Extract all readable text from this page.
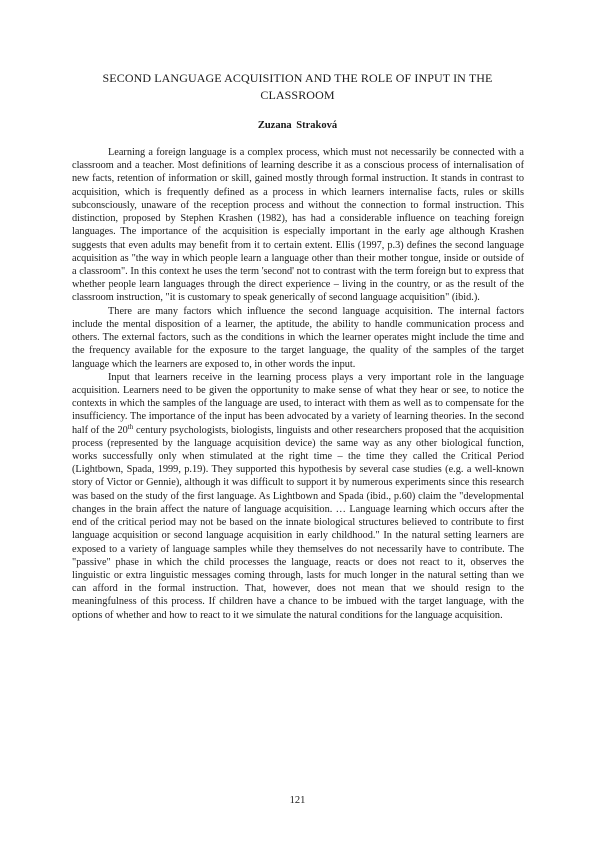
SECOND LANGUAGE ACQUISITION AND THE ROLE OF INPUT IN THE CLASSROOM
Zuzana Straková

Learning a foreign language is a complex process, which must not necessarily be connected with a classroom and a teacher. Most definitions of learning describe it as a conscious process of internalisation of new facts, retention of information or skill, gained mostly through formal instruction. It stands in contrast to acquisition, which is frequently defined as a process in which learners internalise facts, rules or skills subconsciously, unaware of the reception process and without the connection to formal instruction. This distinction, proposed by Stephen Krashen (1982), has had a considerable influence on teaching foreign languages. The importance of the acquisition is especially important in the early age although Krashen suggests that even adults may benefit from it to certain extent. Ellis (1997, p.3) defines the second language acquisition as "the way in which people learn a language other than their mother tongue, inside or outside of a classroom". In this context he uses the term 'second' not to contrast with the term foreign but to express that whether people learn languages through the direct experience – living in the country, or as the result of the classroom instruction, "it is customary to speak generically of second language acquisition" (ibid.).

There are many factors which influence the second language acquisition. The internal factors include the mental disposition of a learner, the aptitude, the ability to handle communication process and others. The external factors, such as the conditions in which the learner operates might include the time and the frequency available for the exposure to the target language, the quality of the samples of the target language which the learners are exposed to, in other words the input.

Input that learners receive in the learning process plays a very important role in the language acquisition. Learners need to be given the opportunity to make sense of what they hear or see, to notice the contexts in which the samples of the language are used, to interact with them as well as to compensate for the insufficiency. The importance of the input has been advocated by a variety of learning theories. In the second half of the 20th century psychologists, biologists, linguists and other researchers proposed that the acquisition process (represented by the language acquisition device) the same way as any other biological function, works successfully only when stimulated at the right time – the time they called the Critical Period (Lightbown, Spada, 1999, p.19). They supported this hypothesis by several case studies (e.g. a well-known story of Victor or Gennie), although it was difficult to support it by numerous experiments since this research was based on the study of the first language. As Lightbown and Spada (ibid., p.60) claim the "developmental changes in the brain affect the nature of language acquisition. … Language learning which occurs after the end of the critical period may not be based on the innate biological structures believed to contribute to first language acquisition or second language acquisition in early childhood." In the natural setting learners are exposed to a variety of language samples while they themselves do not necessarily have to contribute. The "passive" phase in which the child processes the language, reacts or does not react to it, observes the linguistic or extra linguistic messages coming through, lasts for much longer in the natural setting than we can afford in the formal instruction. That, however, does not mean that we should resign to the meaningfulness of this process. If children have a chance to be imbued with the target language, with the options of whether and how to react to it we simulate the natural conditions for the language acquisition.

121
